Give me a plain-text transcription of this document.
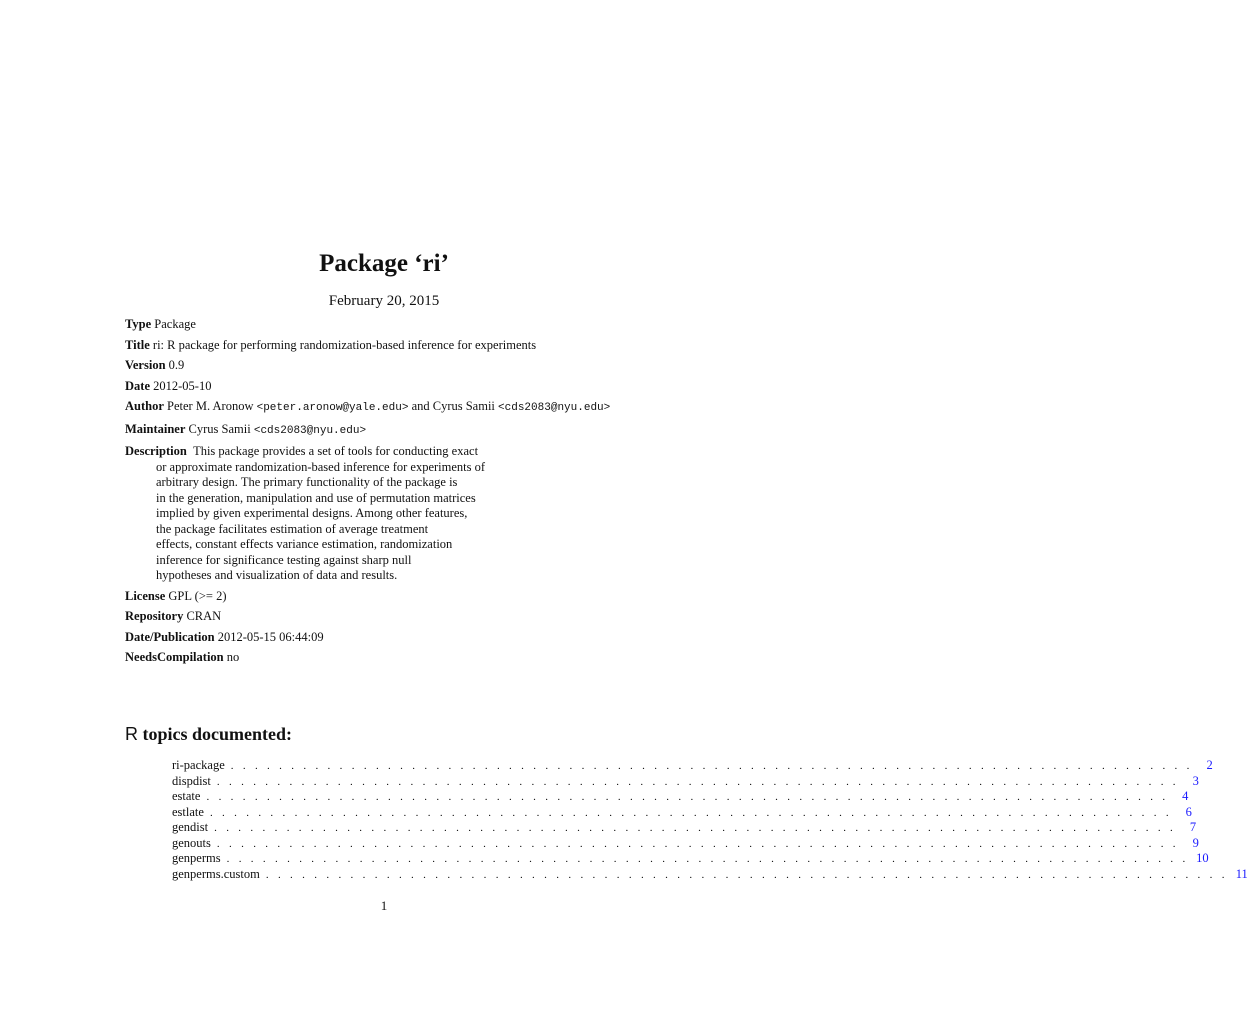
Package ‘ri’
February 20, 2015
Type Package
Title ri: R package for performing randomization-based inference for experiments
Version 0.9
Date 2012-05-10
Author Peter M. Aronow <peter.aronow@yale.edu> and Cyrus Samii <cds2083@nyu.edu>
Maintainer Cyrus Samii <cds2083@nyu.edu>
Description This package provides a set of tools for conducting exact
or approximate randomization-based inference for experiments of
arbitrary design. The primary functionality of the package is
in the generation, manipulation and use of permutation matrices
implied by given experimental designs. Among other features,
the package facilitates estimation of average treatment
effects, constant effects variance estimation, randomization
inference for significance testing against sharp null
hypotheses and visualization of data and results.
License GPL (>= 2)
Repository CRAN
Date/Publication 2012-05-15 06:44:09
NeedsCompilation no
R topics documented:
ri-package . . . . . . . . . . . . . . . . . . . . . . . . . . . . . . . . . . . . . . . . . . . . . . . . . . . . . . . . . . . . . . . . . . . . . . . . . . . . . . . .	2
dispdist . . . . . . . . . . . . . . . . . . . . . . . . . . . . . . . . . . . . . . . . . . . . . . . . . . . . . . . . . . . . . . . . . . . . . . . . . . . . . . . .	3
estate . . . . . . . . . . . . . . . . . . . . . . . . . . . . . . . . . . . . . . . . . . . . . . . . . . . . . . . . . . . . . . . . . . . . . . . . . . . . . . . .	4
estlate . . . . . . . . . . . . . . . . . . . . . . . . . . . . . . . . . . . . . . . . . . . . . . . . . . . . . . . . . . . . . . . . . . . . . . . . . . . . . . . .	6
gendist . . . . . . . . . . . . . . . . . . . . . . . . . . . . . . . . . . . . . . . . . . . . . . . . . . . . . . . . . . . . . . . . . . . . . . . . . . . . . . . .	7
genouts . . . . . . . . . . . . . . . . . . . . . . . . . . . . . . . . . . . . . . . . . . . . . . . . . . . . . . . . . . . . . . . . . . . . . . . . . . . . . . . .	9
genperms . . . . . . . . . . . . . . . . . . . . . . . . . . . . . . . . . . . . . . . . . . . . . . . . . . . . . . . . . . . . . . . . . . . . . . . . . . . . . . . . 10
genperms.custom . . . . . . . . . . . . . . . . . . . . . . . . . . . . . . . . . . . . . . . . . . . . . . . . . . . . . . . . . . . . . . . . . . . . . . . . . . . . . . . . 11
1
